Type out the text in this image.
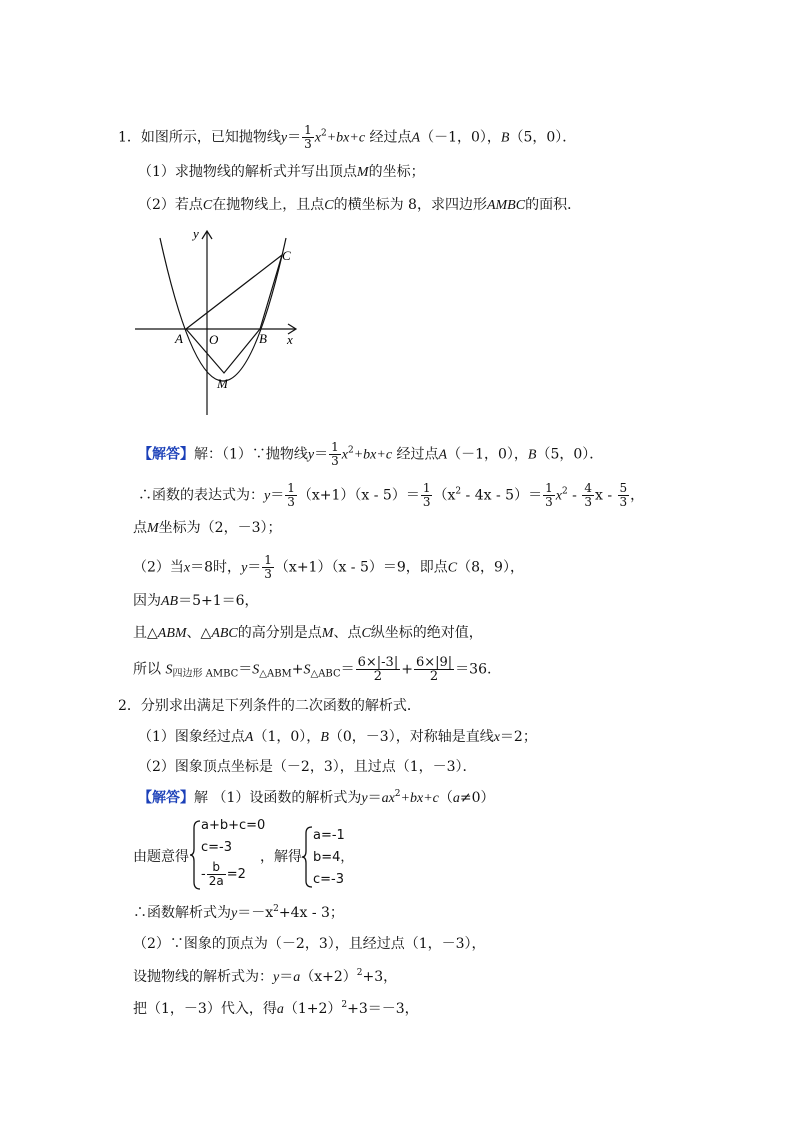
1．如图所示，已知抛物线$y= \frac{1}{3} x^2+bx+c$ 经过点A（－1，0），B（5，0）．
（1）求抛物线的解析式并写出顶点M的坐标；
（2）若点C在抛物线上，且点C的横坐标为 8，求四边形AMBC的面积．
y
x
C
A O	B
M
【解答】解：（1）∵抛物线$y= \frac{1}{3} x^2+bx+c$ 经过点A（－1，0），B（5，0）．
∴函数的表达式为：$y= \frac{1}{3} (x+1)(x - 5)= \frac{1}{3} (x^2 - 4x - 5)= \frac{1}{3} x^2 - \frac{4}{3}$ x - $\frac{5}{3}$ ，
点M坐标为（2，－3）；
（2）当x＝8时，$y= \frac{1}{3} (x+1)(x - 5)=9$，即点C（8，9），
因为AB＝5+1＝6，
且△ABM、△ABC的高分别是点M、点C纵坐标的绝对值，
所以 $S_{四边形 AMBC}=S_{\triangle ABM}+S_{\triangle ABC}= \frac{6\times|-3|}{2} + \frac{6\times|9|}{2} =36$.
2．分别求出满足下列条件的二次函数的解析式．
（1）图象经过点A（1，0），B（0，－3），对称轴是直线x＝2；
（2）图象顶点坐标是（－2，3），且过点（1，－3）．
【解答】解 （1）设函数的解析式为$y=ax^2+bx+c(a\ne 0)$
由题意得
a+b+c=0
c=-3
- $\frac{b}{2a} =2$
，解得
a=-1
b=4，
c=-3
∴函数解析式为$y=-x^2+4x - 3$；
（2）∵图象的顶点为（－2，3），且经过点（1，－3），
设抛物线的解析式为：$y=a(x+2)^2+3$，
把（1，－3）代入，得$a(1+2)^2+3=-3$，
